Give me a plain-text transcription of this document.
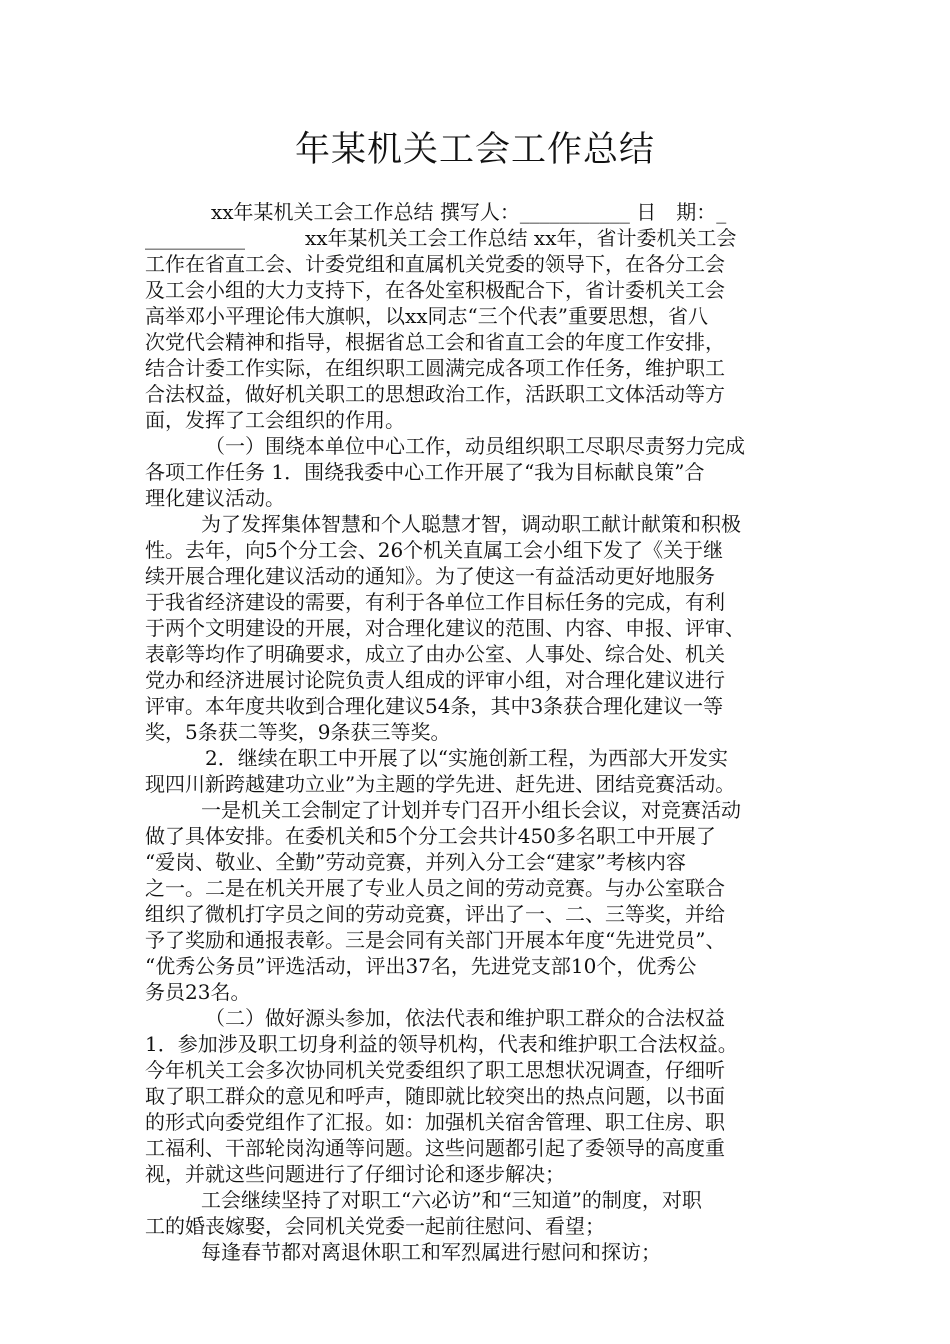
年某机关工会工作总结
xx年某机关工会工作总结 撰写人：___________ 日　期：_
__________　　　xx年某机关工会工作总结 xx年，省计委机关工会
工作在省直工会、计委党组和直属机关党委的领导下，在各分工会
及工会小组的大力支持下，在各处室积极配合下，省计委机关工会
高举邓小平理论伟大旗帜，以xx同志“三个代表”重要思想，省八
次党代会精神和指导，根据省总工会和省直工会的年度工作安排，
结合计委工作实际，在组织职工圆满完成各项工作任务，维护职工
合法权益，做好机关职工的思想政治工作，活跃职工文体活动等方
面，发挥了工会组织的作用。
（一）围绕本单位中心工作，动员组织职工尽职尽责努力完成
各项工作任务 1．围绕我委中心工作开展了“我为目标献良策”合
理化建议活动。
为了发挥集体智慧和个人聪慧才智，调动职工献计献策和积极
性。去年，向5个分工会、26个机关直属工会小组下发了《关于继
续开展合理化建议活动的通知》。为了使这一有益活动更好地服务
于我省经济建设的需要，有利于各单位工作目标任务的完成，有利
于两个文明建设的开展，对合理化建议的范围、内容、申报、评审、
表彰等均作了明确要求，成立了由办公室、人事处、综合处、机关
党办和经济进展讨论院负责人组成的评审小组，对合理化建议进行
评审。本年度共收到合理化建议54条，其中3条获合理化建议一等
奖，5条获二等奖，9条获三等奖。
2．继续在职工中开展了以“实施创新工程，为西部大开发实
现四川新跨越建功立业”为主题的学先进、赶先进、团结竞赛活动。
一是机关工会制定了计划并专门召开小组长会议，对竞赛活动
做了具体安排。在委机关和5个分工会共计450多名职工中开展了
“爱岗、敬业、全勤”劳动竞赛，并列入分工会“建家”考核内容
之一。二是在机关开展了专业人员之间的劳动竞赛。与办公室联合
组织了微机打字员之间的劳动竞赛，评出了一、二、三等奖，并给
予了奖励和通报表彰。三是会同有关部门开展本年度“先进党员”、
“优秀公务员”评选活动，评出37名，先进党支部10个，优秀公
务员23名。
（二）做好源头参加，依法代表和维护职工群众的合法权益
1．参加涉及职工切身利益的领导机构，代表和维护职工合法权益。
今年机关工会多次协同机关党委组织了职工思想状况调查，仔细听
取了职工群众的意见和呼声，随即就比较突出的热点问题，以书面
的形式向委党组作了汇报。如：加强机关宿舍管理、职工住房、职
工福利、干部轮岗沟通等问题。这些问题都引起了委领导的高度重
视，并就这些问题进行了仔细讨论和逐步解决；
工会继续坚持了对职工“六必访”和“三知道”的制度，对职
工的婚丧嫁娶，会同机关党委一起前往慰问、看望；
每逢春节都对离退休职工和军烈属进行慰问和探访；
